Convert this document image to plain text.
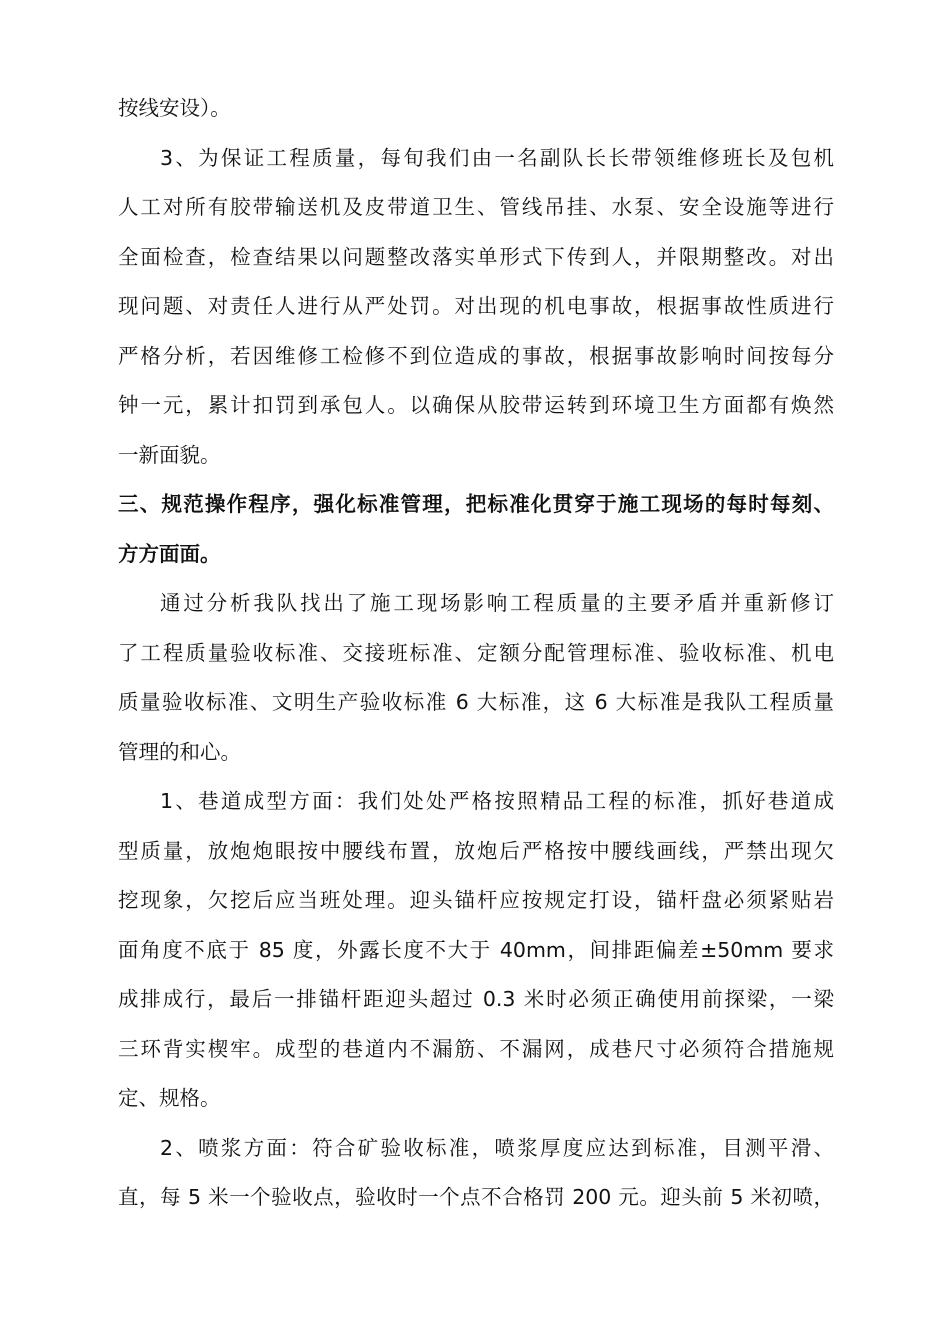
按线安设）。
3、为保证工程质量，每旬我们由一名副队长长带领维修班长及包机
人工对所有胶带输送机及皮带道卫生、管线吊挂、水泵、安全设施等进行
全面检查，检查结果以问题整改落实单形式下传到人，并限期整改。对出
现问题、对责任人进行从严处罚。对出现的机电事故，根据事故性质进行
严格分析，若因维修工检修不到位造成的事故，根据事故影响时间按每分
钟一元，累计扣罚到承包人。以确保从胶带运转到环境卫生方面都有焕然
一新面貌。
三、规范操作程序，强化标准管理，把标准化贯穿于施工现场的每时每刻、
方方面面。
通过分析我队找出了施工现场影响工程质量的主要矛盾并重新修订
了工程质量验收标准、交接班标准、定额分配管理标准、验收标准、机电
质量验收标准、文明生产验收标准 6 大标准，这 6 大标准是我队工程质量
管理的和心。
1、巷道成型方面：我们处处严格按照精品工程的标准，抓好巷道成
型质量，放炮炮眼按中腰线布置，放炮后严格按中腰线画线，严禁出现欠
挖现象，欠挖后应当班处理。迎头锚杆应按规定打设，锚杆盘必须紧贴岩
面角度不底于 85 度，外露长度不大于 40mm，间排距偏差±50mm 要求
成排成行，最后一排锚杆距迎头超过 0.3 米时必须正确使用前探梁，一梁
三环背实楔牢。成型的巷道内不漏筋、不漏网，成巷尺寸必须符合措施规
定、规格。
2、喷浆方面：符合矿验收标准，喷浆厚度应达到标准，目测平滑、
直，每 5 米一个验收点，验收时一个点不合格罚 200 元。迎头前 5 米初喷，
